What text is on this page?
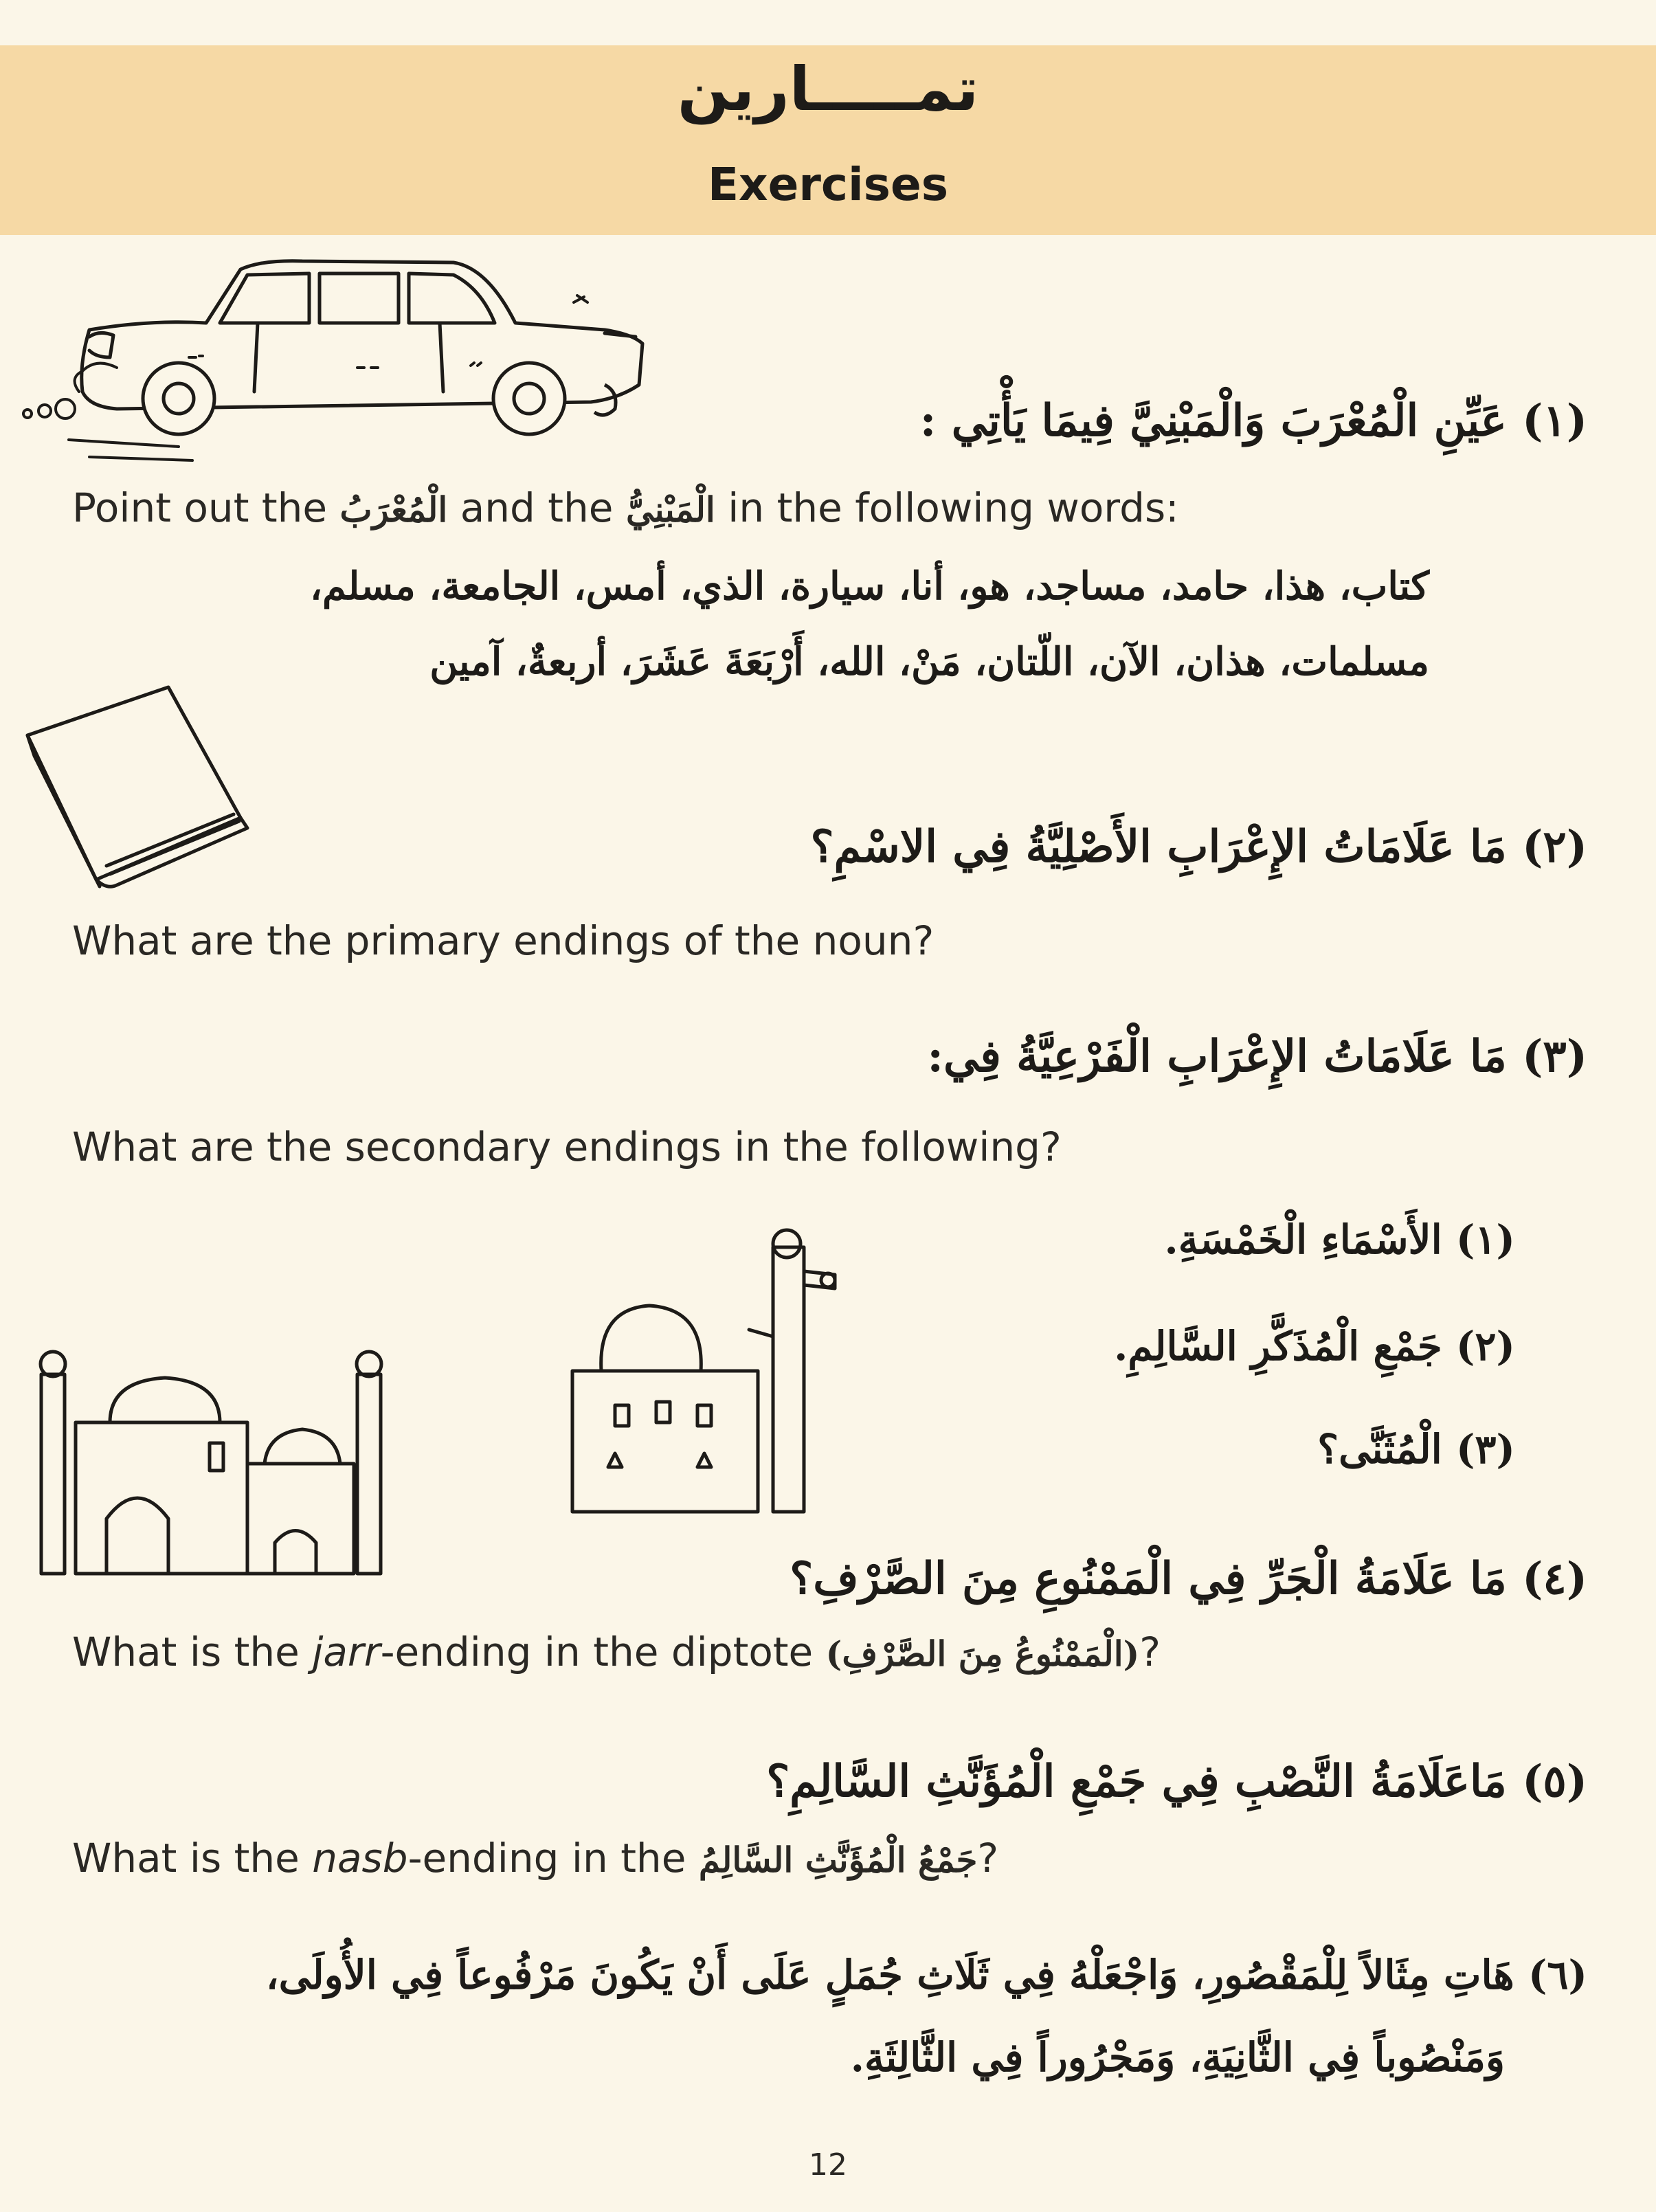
تمـــــارين
Exercises
(١) عَيِّنِ الْمُعْرَبَ وَالْمَبْنِيَّ فِيمَا يَأْتِي :
Point out the الْمُعْرَبُ and the الْمَبْنِيُّ in the following words:
كتاب، هذا، حامد، مساجد، هو، أنا، سيارة، الذي، أمس، الجامعة، مسلم،
مسلمات، هذان، الآن، اللّتان، مَنْ، الله، أَرْبَعَةَ عَشَرَ، أربعةٌ، آمين
(٢) مَا عَلَامَاتُ الإِعْرَابِ الأَصْلِيَّةُ فِي الاسْمِ؟
What are the primary endings of the noun?
(٣) مَا عَلَامَاتُ الإِعْرَابِ الْفَرْعِيَّةُ فِي:
What are the secondary endings in the following?
(١) الأَسْمَاءِ الْخَمْسَةِ.
(٢) جَمْعِ الْمُذَكَّرِ السَّالِمِ.
(٣) الْمُثَنَّى؟
(٤) مَا عَلَامَةُ الْجَرِّ فِي الْمَمْنُوعِ مِنَ الصَّرْفِ؟
What is the jarr-ending in the diptote (الْمَمْنُوعُ مِنَ الصَّرْفِ)?
(٥) مَاعَلَامَةُ النَّصْبِ فِي جَمْعِ الْمُؤَنَّثِ السَّالِمِ؟
What is the nasb-ending in the جَمْعُ الْمُؤَنَّثِ السَّالِمُ?
(٦) هَاتِ مِثَالاً لِلْمَقْصُورِ، وَاجْعَلْهُ فِي ثَلَاثِ جُمَلٍ عَلَى أَنْ يَكُونَ مَرْفُوعاً فِي الأُولَى،
وَمَنْصُوباً فِي الثَّانِيَةِ، وَمَجْرُوراً فِي الثَّالِثَةِ.
12
